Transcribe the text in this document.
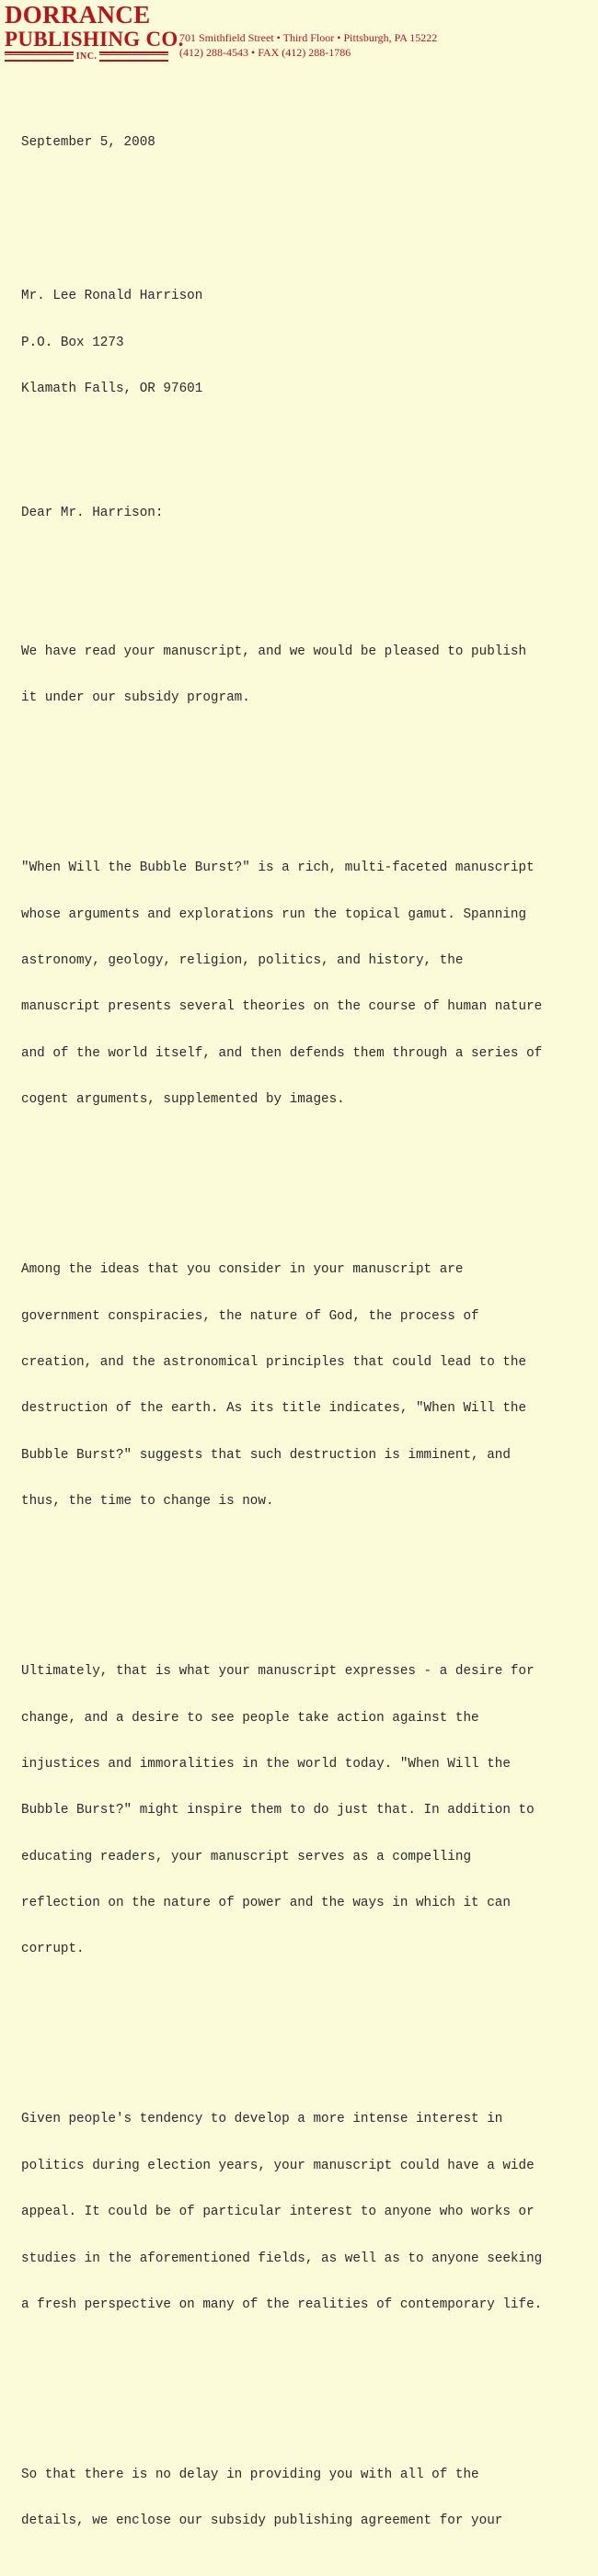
DORRANCE
PUBLISHING CO.
INC.
701 Smithfield Street • Third Floor • Pittsburgh, PA 15222
(412) 288-4543 • FAX (412) 288-1786

September 5, 2008

Mr. Lee Ronald Harrison

P.O. Box 1273

Klamath Falls, OR 97601

Dear Mr. Harrison:

We have read your manuscript, and we would be pleased to publish

it under our subsidy program.

"When Will the Bubble Burst?" is a rich, multi-faceted manuscript

whose arguments and explorations run the topical gamut. Spanning

astronomy, geology, religion, politics, and history, the

manuscript presents several theories on the course of human nature

and of the world itself, and then defends them through a series of

cogent arguments, supplemented by images.

Among the ideas that you consider in your manuscript are

government conspiracies, the nature of God, the process of

creation, and the astronomical principles that could lead to the

destruction of the earth. As its title indicates, "When Will the

Bubble Burst?" suggests that such destruction is imminent, and

thus, the time to change is now.

Ultimately, that is what your manuscript expresses - a desire for

change, and a desire to see people take action against the

injustices and immoralities in the world today. "When Will the

Bubble Burst?" might inspire them to do just that. In addition to

educating readers, your manuscript serves as a compelling

reflection on the nature of power and the ways in which it can

corrupt.

Given people's tendency to develop a more intense interest in

politics during election years, your manuscript could have a wide

appeal. It could be of particular interest to anyone who works or

studies in the aforementioned fields, as well as to anyone seeking

a fresh perspective on many of the realities of contemporary life.

So that there is no delay in providing you with all of the

details, we enclose our subsidy publishing agreement for your
